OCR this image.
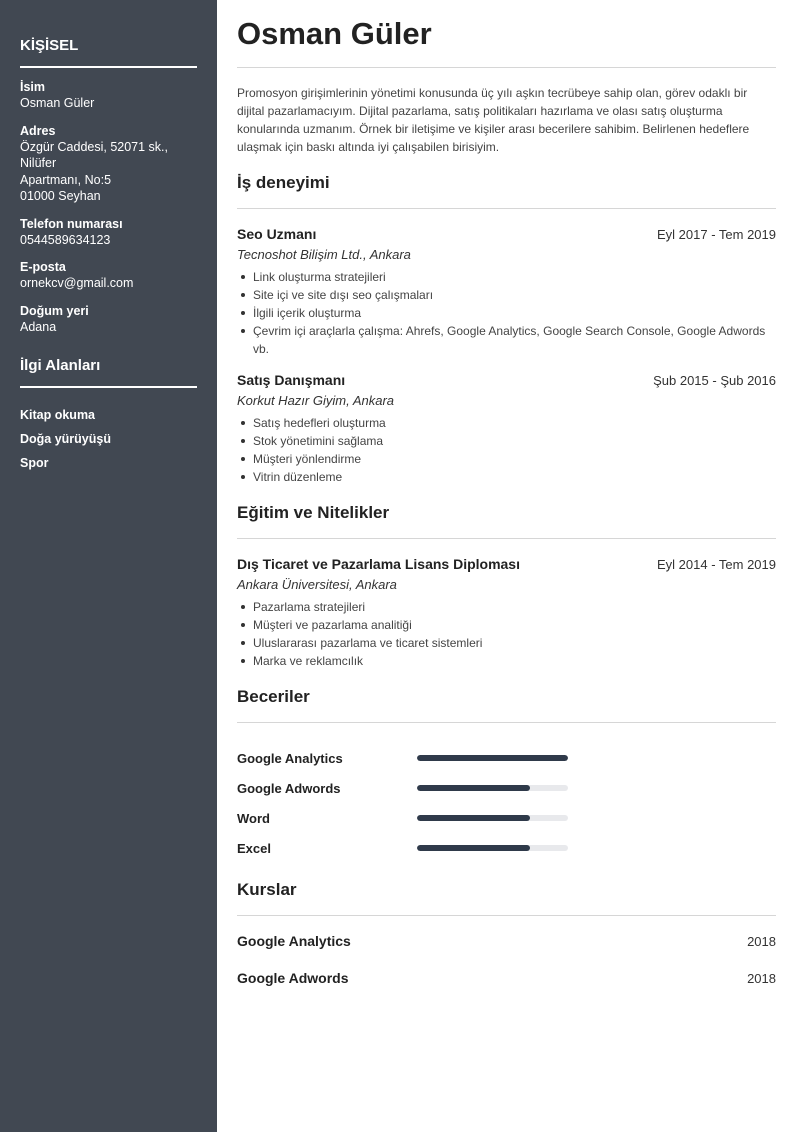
KİŞİSEL
İsim
Osman Güler
Adres
Özgür Caddesi, 52071 sk., Nilüfer
Apartmanı, No:5
01000 Seyhan
Telefon numarası
0544589634123
E-posta
ornekcv@gmail.com
Doğum yeri
Adana
İlgi Alanları
Kitap okuma
Doğa yürüyüşü
Spor
Osman Güler

Promosyon girişimlerinin yönetimi konusunda üç yılı aşkın tecrübeye sahip olan, görev odaklı bir dijital pazarlamacıyım. Dijital pazarlama, satış politikaları hazırlama ve olası satış oluşturma konularında uzmanım. Örnek bir iletişime ve kişiler arası becerilere sahibim. Belirlenen hedeflere ulaşmak için baskı altında iyi çalışabilen birisiyim.

İş deneyimi
Seo Uzmanı	Eyl 2017 - Tem 2019
Tecnoshot Bilişim Ltd., Ankara
Link oluşturma stratejileri
Site içi ve site dışı seo çalışmaları
İlgili içerik oluşturma
Çevrim içi araçlarla çalışma: Ahrefs, Google Analytics, Google Search Console, Google Adwords vb.
Satış Danışmanı	Şub 2015 - Şub 2016
Korkut Hazır Giyim, Ankara
Satış hedefleri oluşturma
Stok yönetimini sağlama
Müşteri yönlendirme
Vitrin düzenleme
Eğitim ve Nitelikler
Dış Ticaret ve Pazarlama Lisans Diploması	Eyl 2014 - Tem 2019
Ankara Üniversitesi, Ankara
Pazarlama stratejileri
Müşteri ve pazarlama analitiği
Uluslararası pazarlama ve ticaret sistemleri
Marka ve reklamcılık
Beceriler
Google Analytics
Google Adwords
Word
Excel
Kurslar
Google Analytics	2018
Google Adwords	2018
